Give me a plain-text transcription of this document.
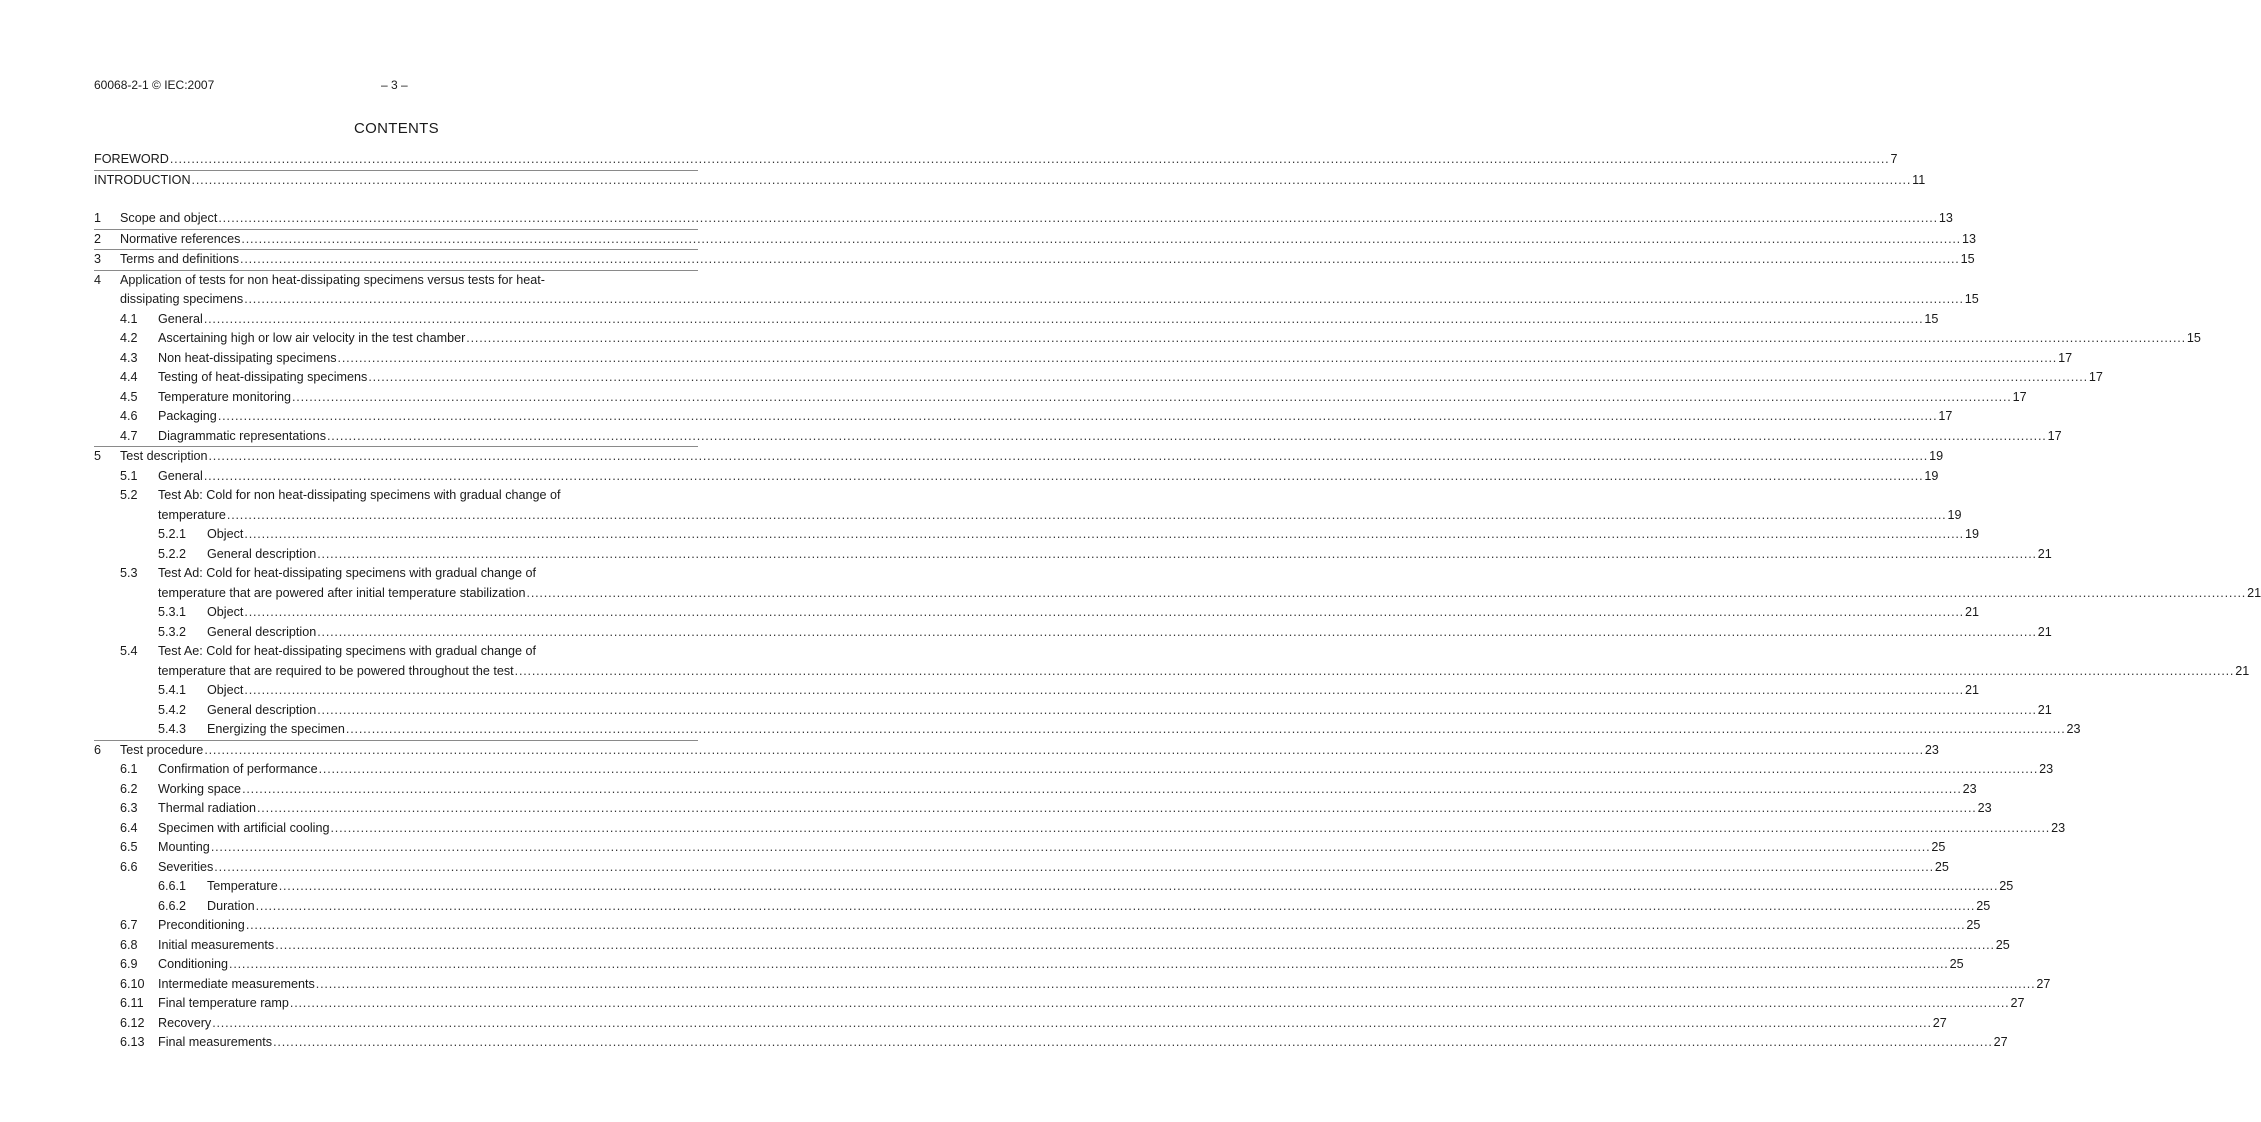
60068-2-1 © IEC:2007	– 3 –
CONTENTS
FOREWORD ................................................................................................................................................................................................................................................................................................................................................................................................................ 7
INTRODUCTION ................................................................................................................................................................................................................................................................................................................................................................................................................ 11
1 Scope and object ................................................................................................................................................................................................................................................................................................................................................................................................................ 13
2 Normative references ................................................................................................................................................................................................................................................................................................................................................................................................................ 13
3 Terms and definitions ................................................................................................................................................................................................................................................................................................................................................................................................................ 15
4 Application of tests for non heat-dissipating specimens versus tests for heat-
dissipating specimens ................................................................................................................................................................................................................................................................................................................................................................................................................ 15
4.1 General ................................................................................................................................................................................................................................................................................................................................................................................................................ 15
4.2 Ascertaining high or low air velocity in the test chamber ................................................................................................................................................................................................................................................................................................................................................................................................................ 15
4.3 Non heat-dissipating specimens ................................................................................................................................................................................................................................................................................................................................................................................................................ 17
4.4 Testing of heat-dissipating specimens ................................................................................................................................................................................................................................................................................................................................................................................................................ 17
4.5 Temperature monitoring ................................................................................................................................................................................................................................................................................................................................................................................................................ 17
4.6 Packaging ................................................................................................................................................................................................................................................................................................................................................................................................................ 17
4.7 Diagrammatic representations ................................................................................................................................................................................................................................................................................................................................................................................................................ 17
5 Test description ................................................................................................................................................................................................................................................................................................................................................................................................................ 19
5.1 General ................................................................................................................................................................................................................................................................................................................................................................................................................ 19
5.2 Test Ab: Cold for non heat-dissipating specimens with gradual change of
temperature ................................................................................................................................................................................................................................................................................................................................................................................................................ 19
5.2.1 Object ................................................................................................................................................................................................................................................................................................................................................................................................................ 19
5.2.2 General description ................................................................................................................................................................................................................................................................................................................................................................................................................ 21
5.3 Test Ad: Cold for heat-dissipating specimens with gradual change of
temperature that are powered after initial temperature stabilization ................................................................................................................................................................................................................................................................................................................................................................................................................ 21
5.3.1 Object ................................................................................................................................................................................................................................................................................................................................................................................................................ 21
5.3.2 General description ................................................................................................................................................................................................................................................................................................................................................................................................................ 21
5.4 Test Ae: Cold for heat-dissipating specimens with gradual change of
temperature that are required to be powered throughout the test ................................................................................................................................................................................................................................................................................................................................................................................................................ 21
5.4.1 Object ................................................................................................................................................................................................................................................................................................................................................................................................................ 21
5.4.2 General description ................................................................................................................................................................................................................................................................................................................................................................................................................ 21
5.4.3 Energizing the specimen ................................................................................................................................................................................................................................................................................................................................................................................................................ 23
6 Test procedure ................................................................................................................................................................................................................................................................................................................................................................................................................ 23
6.1 Confirmation of performance ................................................................................................................................................................................................................................................................................................................................................................................................................ 23
6.2 Working space ................................................................................................................................................................................................................................................................................................................................................................................................................ 23
6.3 Thermal radiation ................................................................................................................................................................................................................................................................................................................................................................................................................ 23
6.4 Specimen with artificial cooling ................................................................................................................................................................................................................................................................................................................................................................................................................ 23
6.5 Mounting ................................................................................................................................................................................................................................................................................................................................................................................................................ 25
6.6 Severities ................................................................................................................................................................................................................................................................................................................................................................................................................ 25
6.6.1 Temperature ................................................................................................................................................................................................................................................................................................................................................................................................................ 25
6.6.2 Duration ................................................................................................................................................................................................................................................................................................................................................................................................................ 25
6.7 Preconditioning ................................................................................................................................................................................................................................................................................................................................................................................................................ 25
6.8 Initial measurements ................................................................................................................................................................................................................................................................................................................................................................................................................ 25
6.9 Conditioning ................................................................................................................................................................................................................................................................................................................................................................................................................ 25
6.10 Intermediate measurements ................................................................................................................................................................................................................................................................................................................................................................................................................ 27
6.11 Final temperature ramp ................................................................................................................................................................................................................................................................................................................................................................................................................ 27
6.12 Recovery ................................................................................................................................................................................................................................................................................................................................................................................................................ 27
6.13 Final measurements ................................................................................................................................................................................................................................................................................................................................................................................................................ 27
